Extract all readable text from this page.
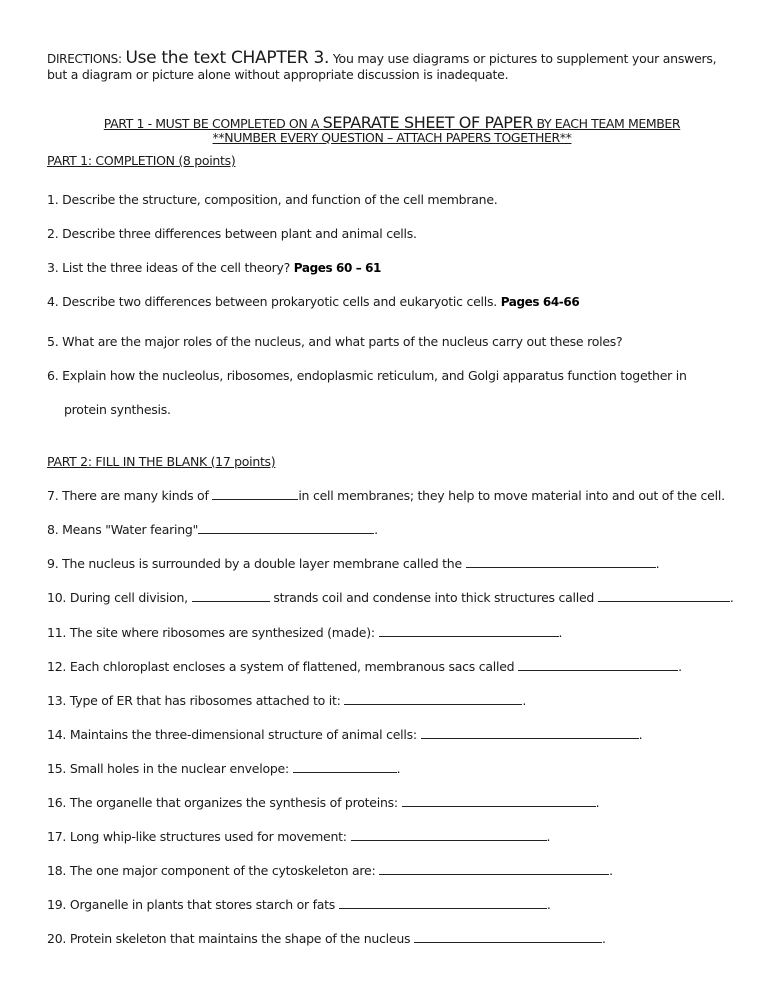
DIRECTIONS: Use the text CHAPTER 3. You may use diagrams or pictures to supplement your answers,
but a diagram or picture alone without appropriate discussion is inadequate.
PART 1 - MUST BE COMPLETED ON A SEPARATE SHEET OF PAPER BY EACH TEAM MEMBER
**NUMBER EVERY QUESTION – ATTACH PAPERS TOGETHER**
PART 1: COMPLETION (8 points)
1. Describe the structure, composition, and function of the cell membrane.
2. Describe three differences between plant and animal cells.
3. List the three ideas of the cell theory? Pages 60 – 61
4. Describe two differences between prokaryotic cells and eukaryotic cells. Pages 64-66
5. What are the major roles of the nucleus, and what parts of the nucleus carry out these roles?
6. Explain how the nucleolus, ribosomes, endoplasmic reticulum, and Golgi apparatus function together in
protein synthesis.
PART 2: FILL IN THE BLANK (17 points)
7. There are many kinds of	in cell membranes; they help to move material into and out of the cell.
8. Means "Water fearing"	.
9. The nucleus is surrounded by a double layer membrane called the	.
10. During cell division,	strands coil and condense into thick structures called	.
11. The site where ribosomes are synthesized (made):	.
12. Each chloroplast encloses a system of flattened, membranous sacs called	.
13. Type of ER that has ribosomes attached to it:	.
14. Maintains the three-dimensional structure of animal cells:	.
15. Small holes in the nuclear envelope:	.
16. The organelle that organizes the synthesis of proteins:	.
17. Long whip-like structures used for movement:	.
18. The one major component of the cytoskeleton are:	.
19. Organelle in plants that stores starch or fats	.
20. Protein skeleton that maintains the shape of the nucleus	.
